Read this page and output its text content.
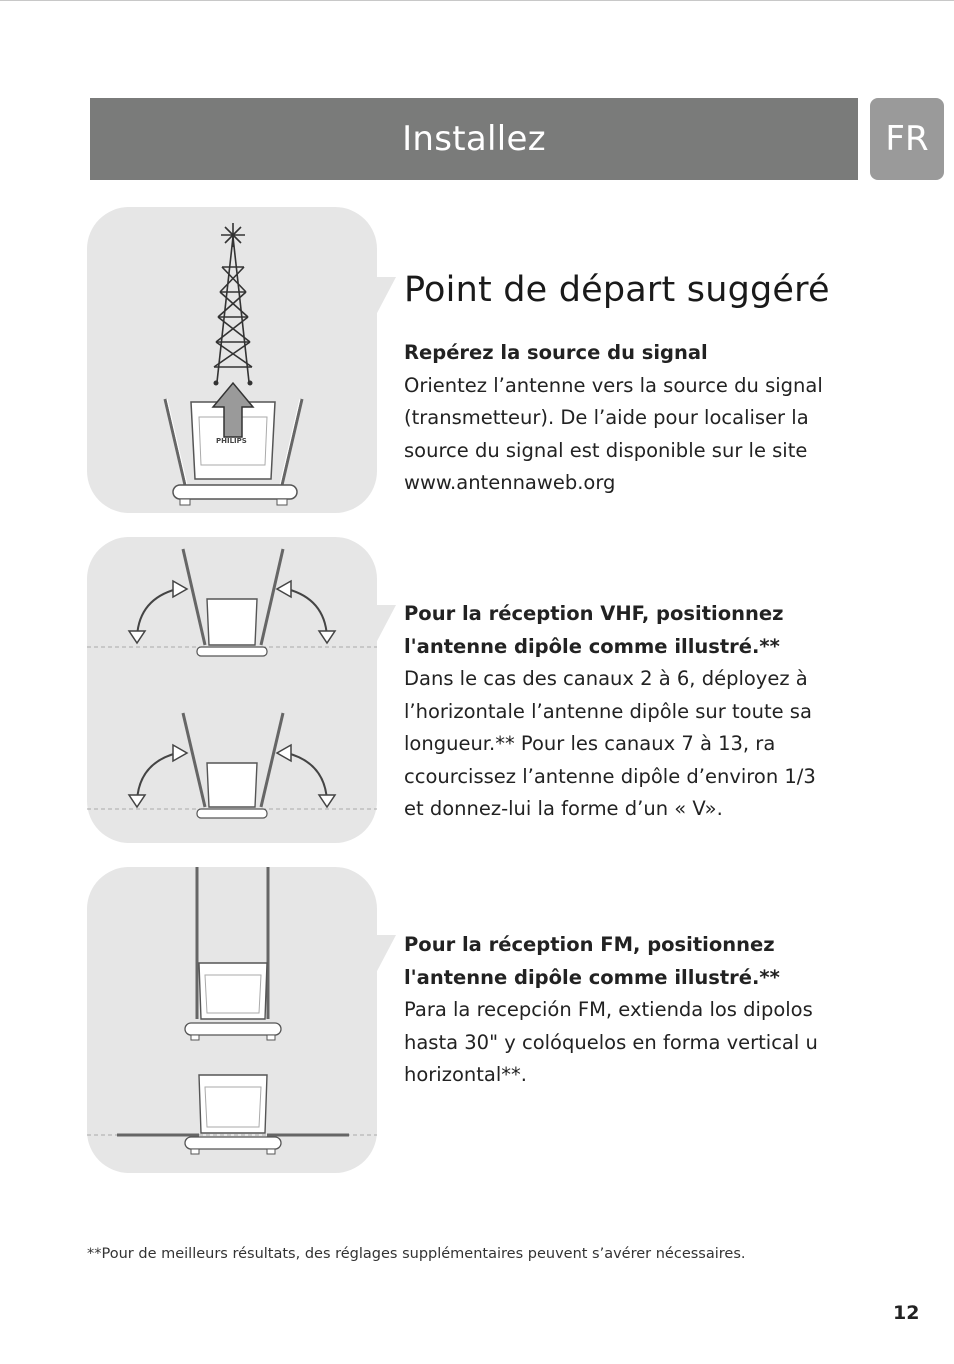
Installez	FR
PHILIPS
Point de départ suggéré
Repérez la source du signal
Orientez l’antenne vers la source du signal (transmetteur). De l’aide pour localiser la source du signal est disponible sur le site www.antennaweb.org
Pour la réception VHF, positionnez l'antenne dipôle comme illustré.**
Dans le cas des canaux 2 à 6, déployez à l’horizontale l’antenne dipôle sur toute sa longueur.** Pour les canaux 7 à 13, ra ccourcissez l’antenne dipôle d’environ 1/3 et donnez-lui la forme d’un « V».
Pour la réception FM, positionnez l'antenne dipôle comme illustré.**
Para la recepción FM, extienda los dipolos hasta 30" y colóquelos en forma vertical u horizontal**.
**Pour de meilleurs résultats, des réglages supplémentaires peuvent s’avérer nécessaires.
12
